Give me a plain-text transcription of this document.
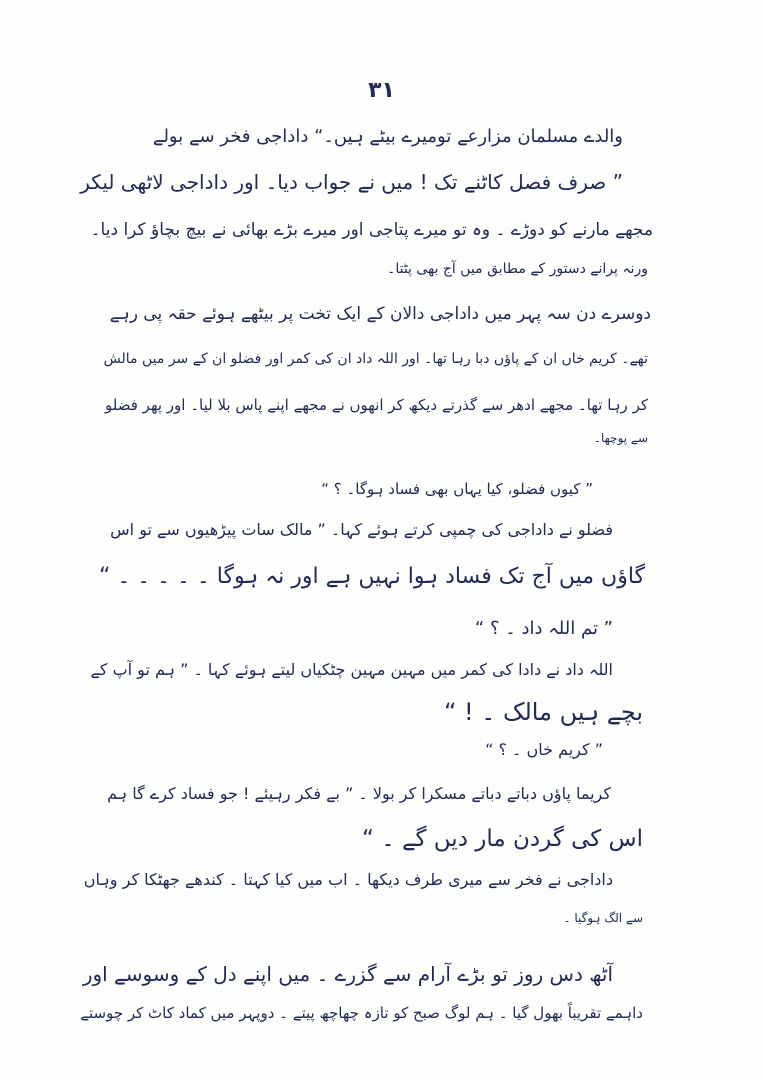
۳۱
والدے مسلمان مزارعے تومیرے بیٹے ہیں۔“ داداجی فخر سے بولے
” صرف فصل کاٹنے تک ! میں نے جواب دیا۔ اور داداجی لاٹھی لیکر
مجھے مارنے کو دوڑے ۔ وہ تو میرے پتاجی اور میرے بڑے بھائی نے بیچ بچاؤ کرا دیا۔
ورنہ پرانے دستور کے مطابق میں آج بھی پٹتا۔
دوسرے دن سہ پہر میں داداجی دالان کے ایک تخت پر بیٹھے ہوئے حقہ پی رہے
تھے۔ کریم خاں ان کے پاؤں دبا رہا تھا۔ اور اللہ داد ان کی کمر اور فضلو ان کے سر میں مالش
کر رہا تھا۔ مجھے ادھر سے گذرتے دیکھ کر انھوں نے مجھے اپنے پاس بلا لیا۔ اور پھر فضلو
سے پوچھا۔
” کیوں فضلو، کیا یہاں بھی فساد ہوگا۔ ؟ “
فضلو نے داداجی کی چمپی کرتے ہوئے کہا۔ ” مالک سات پیڑھیوں سے تو اس
گاؤں میں آج تک فساد ہوا نہیں ہے اور نہ ہوگا ۔ ۔ ۔ ۔ ۔ “
” تم اللہ داد ۔ ؟ “
اللہ داد نے دادا کی کمر میں مہین مہین چٹکیاں لیتے ہوئے کہا ۔ ” ہم تو آپ کے
بچے ہیں مالک ۔ ! “
” کریم خاں ۔ ؟ “
کریما پاؤں دباتے دباتے مسکرا کر بولا ۔ ” بے فکر رہیئے ! جو فساد کرے گا ہم
اس کی گردن مار دیں گے ۔ “
داداجی نے فخر سے میری طرف دیکھا ۔ اب میں کیا کہتا ۔ کندھے جھٹکا کر وہاں
سے الگ ہوگیا ۔
آٹھ دس روز تو بڑے آرام سے گزرے ۔ میں اپنے دل کے وسوسے اور
داہمے تقریباً بھول گیا ۔ ہم لوگ صبح کو تازہ چھاچھ پیتے ۔ دوپہر میں کماد کاٹ کر چوستے
